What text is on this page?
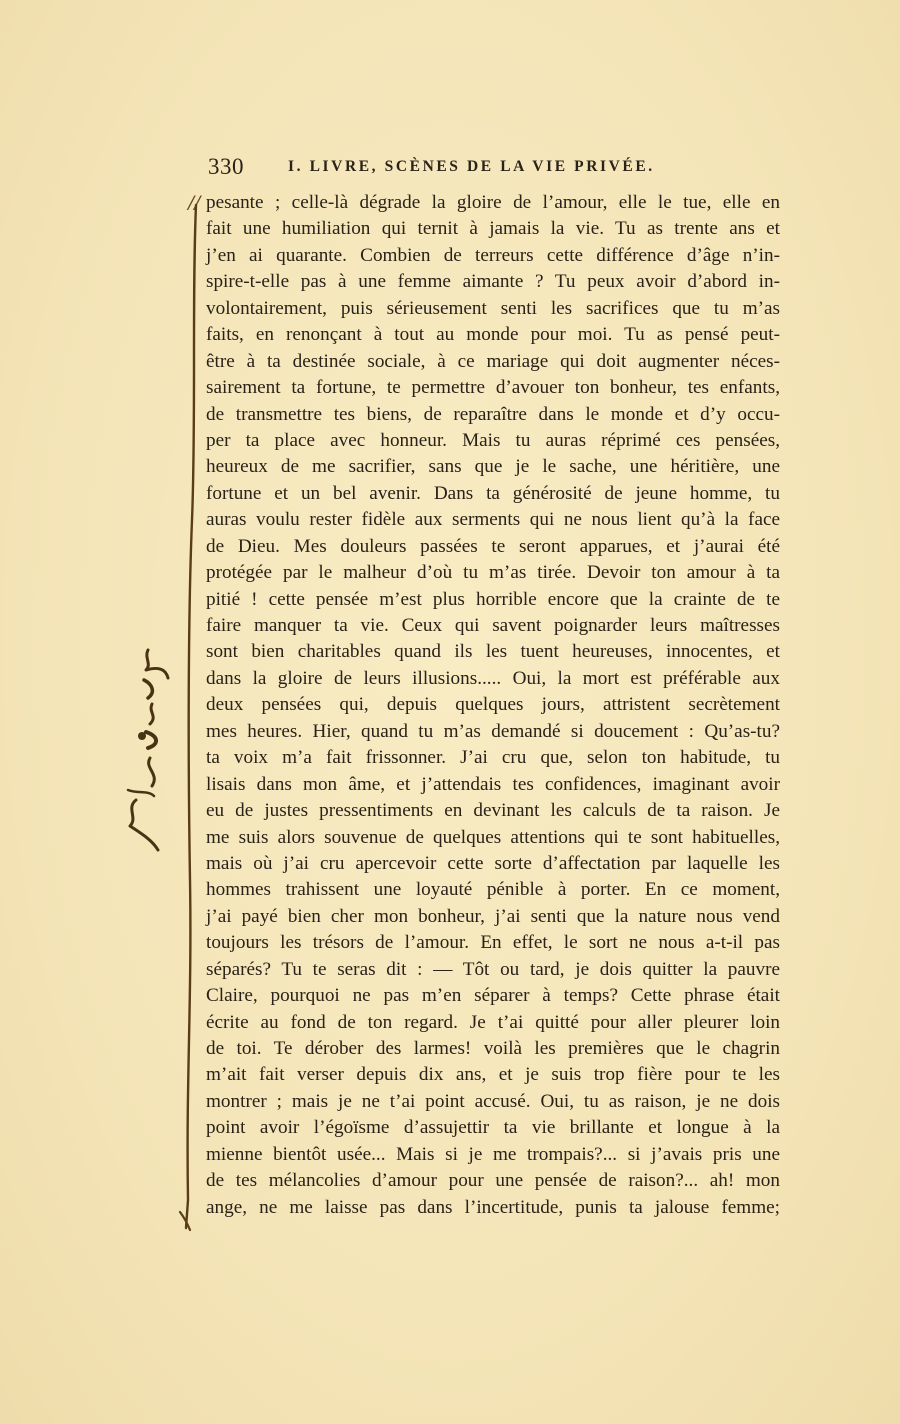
330	I. LIVRE, SCÈNES DE LA VIE PRIVÉE.
// pesante ; celle-là dégrade la gloire de l’amour, elle le tue, elle en
fait une humiliation qui ternit à jamais la vie. Tu as trente ans et
j’en ai quarante. Combien de terreurs cette différence d’âge n’in-
spire-t-elle pas à une femme aimante ? Tu peux avoir d’abord in-
volontairement, puis sérieusement senti les sacrifices que tu m’as
faits, en renonçant à tout au monde pour moi. Tu as pensé peut-
être à ta destinée sociale, à ce mariage qui doit augmenter néces-
sairement ta fortune, te permettre d’avouer ton bonheur, tes enfants,
de transmettre tes biens, de reparaître dans le monde et d’y occu-
per ta place avec honneur. Mais tu auras réprimé ces pensées,
heureux de me sacrifier, sans que je le sache, une héritière, une
fortune et un bel avenir. Dans ta générosité de jeune homme, tu
auras voulu rester fidèle aux serments qui ne nous lient qu’à la face
de Dieu. Mes douleurs passées te seront apparues, et j’aurai été
protégée par le malheur d’où tu m’as tirée. Devoir ton amour à ta
pitié ! cette pensée m’est plus horrible encore que la crainte de te
faire manquer ta vie. Ceux qui savent poignarder leurs maîtresses
sont bien charitables quand ils les tuent heureuses, innocentes, et
dans la gloire de leurs illusions..... Oui, la mort est préférable aux
deux pensées qui, depuis quelques jours, attristent secrètement
mes heures. Hier, quand tu m’as demandé si doucement : Qu’as-tu?
ta voix m’a fait frissonner. J’ai cru que, selon ton habitude, tu
lisais dans mon âme, et j’attendais tes confidences, imaginant avoir
eu de justes pressentiments en devinant les calculs de ta raison. Je
me suis alors souvenue de quelques attentions qui te sont habituelles,
mais où j’ai cru apercevoir cette sorte d’affectation par laquelle les
hommes trahissent une loyauté pénible à porter. En ce moment,
j’ai payé bien cher mon bonheur, j’ai senti que la nature nous vend
toujours les trésors de l’amour. En effet, le sort ne nous a-t-il pas
séparés? Tu te seras dit : — Tôt ou tard, je dois quitter la pauvre
Claire, pourquoi ne pas m’en séparer à temps? Cette phrase était
écrite au fond de ton regard. Je t’ai quitté pour aller pleurer loin
de toi. Te dérober des larmes! voilà les premières que le chagrin
m’ait fait verser depuis dix ans, et je suis trop fière pour te les
montrer ; mais je ne t’ai point accusé. Oui, tu as raison, je ne dois
point avoir l’égoïsme d’assujettir ta vie brillante et longue à la
mienne bientôt usée... Mais si je me trompais?... si j’avais pris une
de tes mélancolies d’amour pour une pensée de raison?... ah! mon
ange, ne me laisse pas dans l’incertitude, punis ta jalouse femme;
